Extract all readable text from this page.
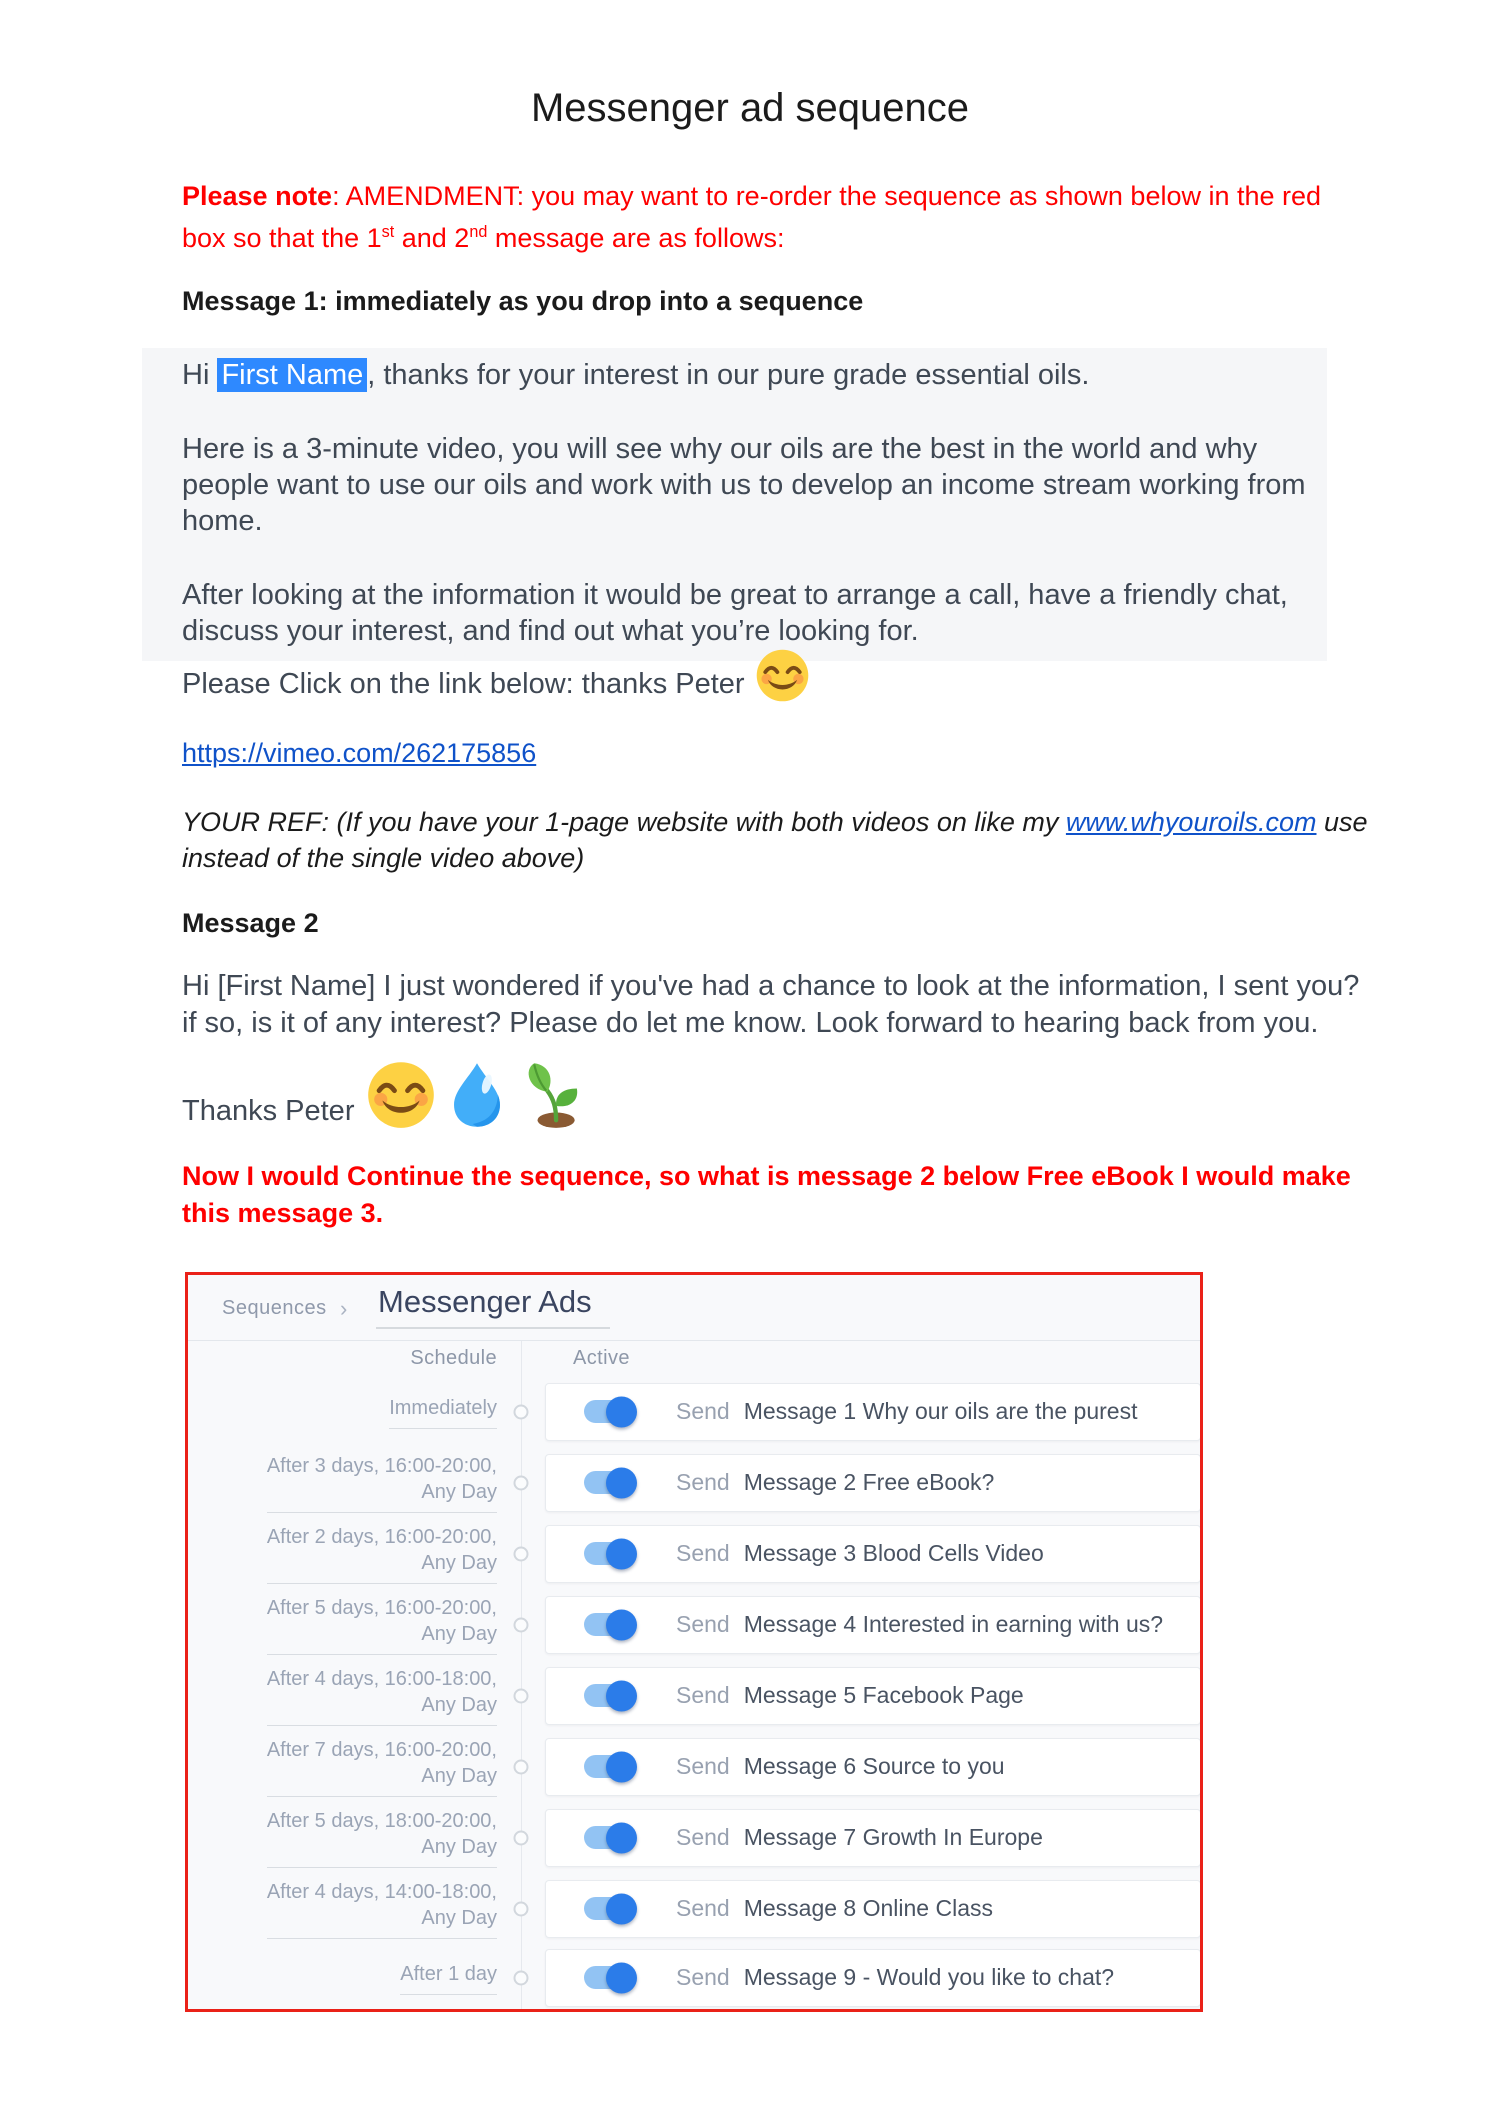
Messenger ad sequence
Please note: AMENDMENT: you may want to re-order the sequence as shown below in the red box so that the 1st and 2nd message are as follows:
Message 1: immediately as you drop into a sequence

Hi First Name , thanks for your interest in our pure grade essential oils.

Here is a 3-minute video, you will see why our oils are the best in the world and why people want to use our oils and work with us to develop an income stream working from home.

After looking at the information it would be great to arrange a call, have a friendly chat, discuss your interest, and find out what you’re looking for.

Please Click on the link below: thanks Peter
https://vimeo.com/262175856
YOUR REF: (If you have your 1-page website with both videos on like my www.whyouroils.com use instead of the single video above)
Message 2
Hi [First Name] I just wondered if you've had a chance to look at the information, I sent you? if so, is it of any interest? Please do let me know. Look forward to hearing back from you.
Thanks Peter
Now I would Continue the sequence, so what is message 2 below Free eBook I would make this message 3.
Sequences › Messenger Ads
Schedule	Active
Immediately	Send Message 1 Why our oils are the purest
After 3 days, 16:00-20:00,
Any Day	Send Message 2 Free eBook?
After 2 days, 16:00-20:00,
Any Day	Send Message 3 Blood Cells Video
After 5 days, 16:00-20:00,
Any Day	Send Message 4 Interested in earning with us?
After 4 days, 16:00-18:00,
Any Day	Send Message 5 Facebook Page
After 7 days, 16:00-20:00,
Any Day	Send Message 6 Source to you
After 5 days, 18:00-20:00,
Any Day	Send Message 7 Growth In Europe
After 4 days, 14:00-18:00,
Any Day	Send Message 8 Online Class
After 1 day	Send Message 9 - Would you like to chat?
